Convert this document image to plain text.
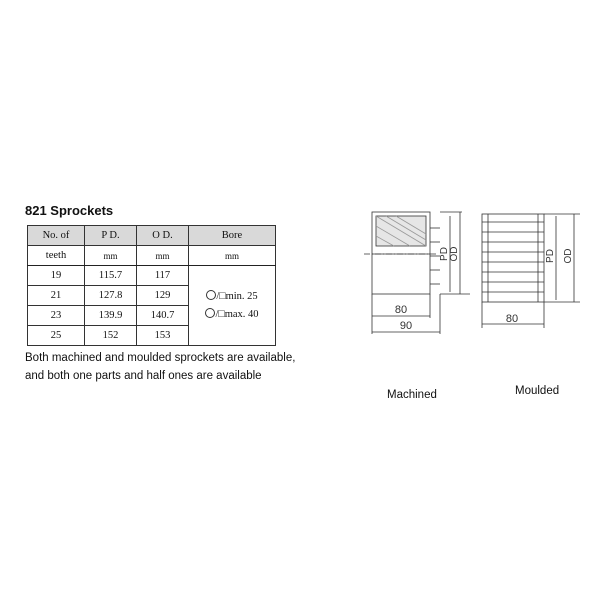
821 Sprockets
No. of	P D.	O D.	Bore
teeth	mm	mm	mm
19	115.7	117	/□min. 25
/□max. 40

21	127.8	129	
23	139.9	140.7	
25	152	153	
Both machined and moulded sprockets are available,
and both one parts and half ones are available
80
90
PD OD
80
PD OD
Machined	Moulded
